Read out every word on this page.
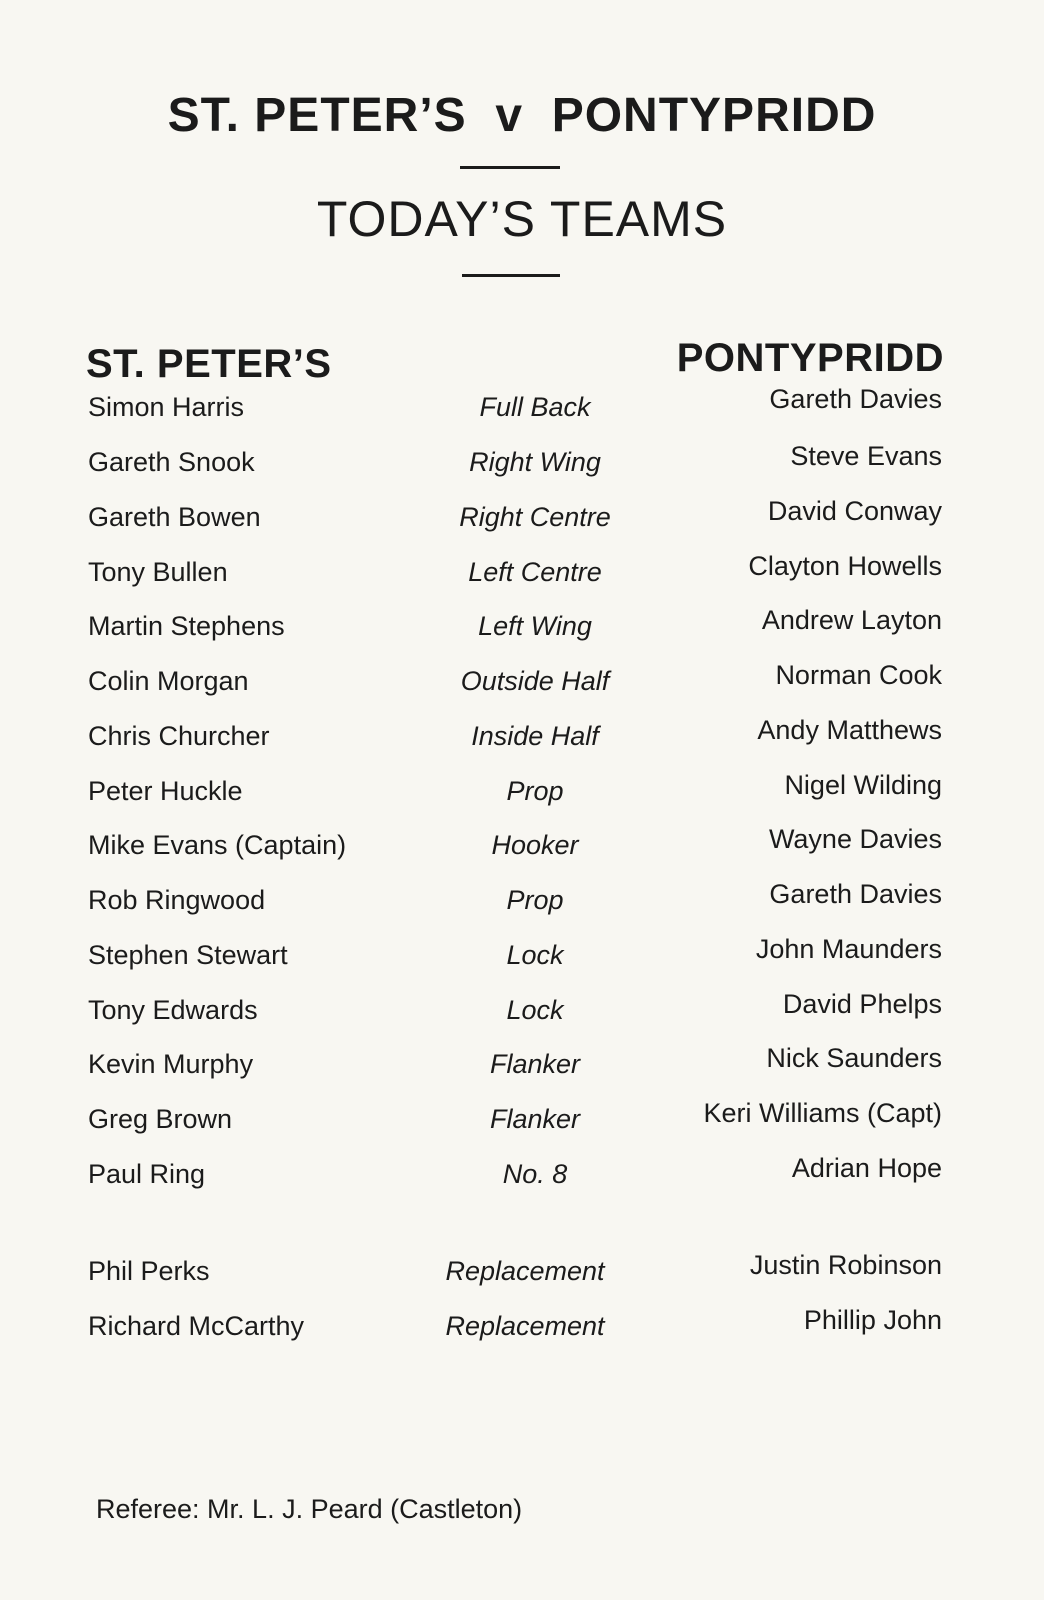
ST. PETER’S  v  PONTYPRIDD
TODAY’S TEAMS
ST. PETER’S	PONTYPRIDD
Simon Harris	Full Back	Gareth Davies
Gareth Snook	Right Wing	Steve Evans
Gareth Bowen	Right Centre	David Conway
Tony Bullen	Left Centre	Clayton Howells
Martin Stephens	Left Wing	Andrew Layton
Colin Morgan	Outside Half	Norman Cook
Chris Churcher	Inside Half	Andy Matthews
Peter Huckle	Prop	Nigel Wilding
Mike Evans (Captain)	Hooker	Wayne Davies
Rob Ringwood	Prop	Gareth Davies
Stephen Stewart	Lock	John Maunders
Tony Edwards	Lock	David Phelps
Kevin Murphy	Flanker	Nick Saunders
Greg Brown	Flanker	Keri Williams (Capt)
Paul Ring	No. 8	Adrian Hope
Phil Perks	Replacement	Justin Robinson
Richard McCarthy	Replacement	Phillip John
Referee: Mr. L. J. Peard (Castleton)
